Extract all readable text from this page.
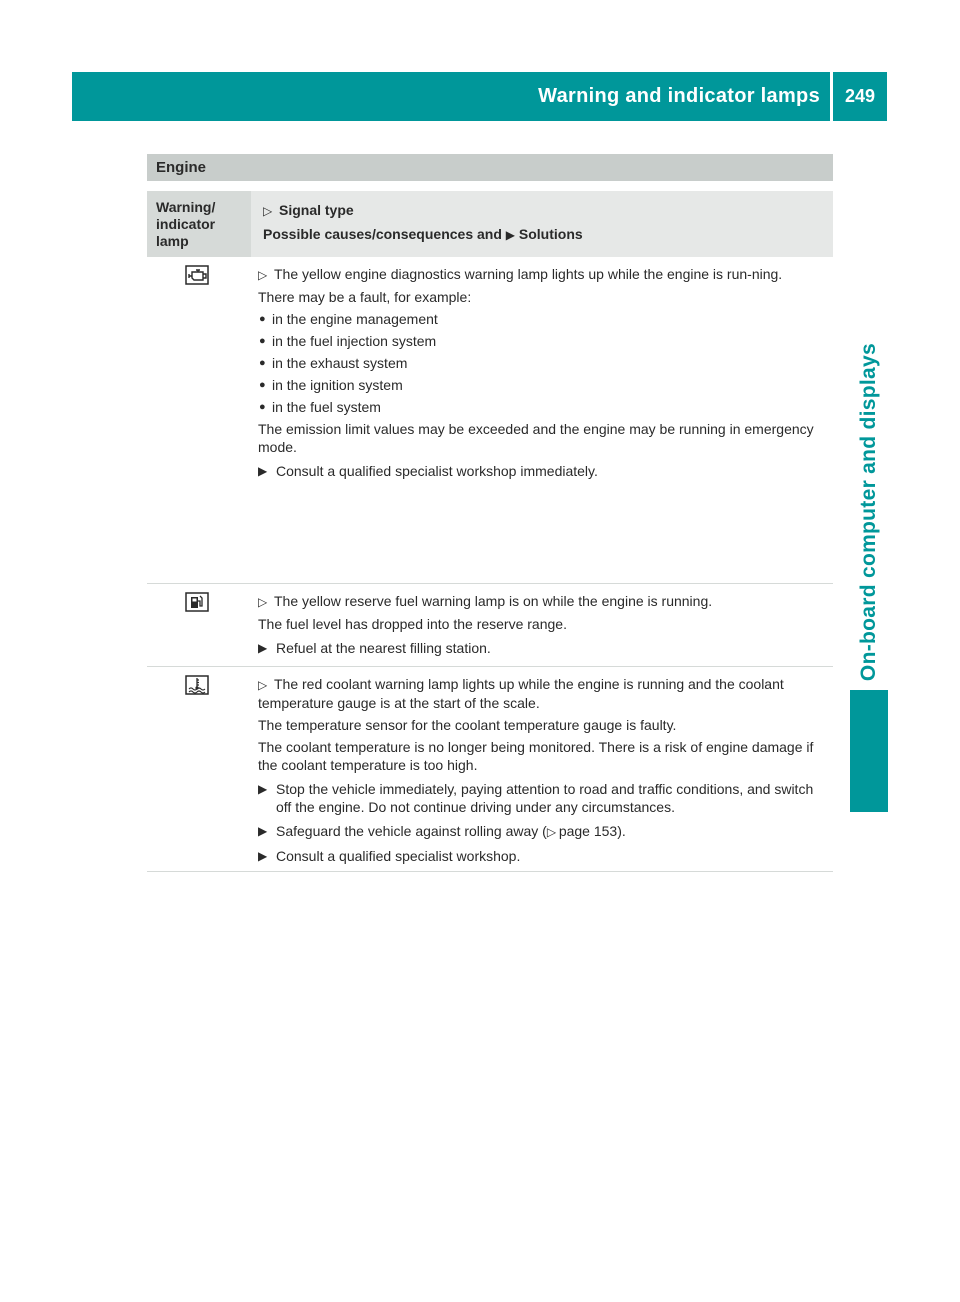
Warning and indicator lamps	249
On-board computer and displays
Engine
Warning/
indicator
lamp
▷ Signal type
Possible causes/consequences and ▶ Solutions

▷ The yellow engine diagnostics warning lamp lights up while the engine is run-ning.

There may be a fault, for example:

● in the engine management
● in the fuel injection system
● in the exhaust system
● in the ignition system
● in the fuel system

The emission limit values may be exceeded and the engine may be running in emergency mode.

▶ Consult a qualified specialist workshop immediately.

▷ The yellow reserve fuel warning lamp is on while the engine is running.

The fuel level has dropped into the reserve range.

▶ Refuel at the nearest filling station.

▷ The red coolant warning lamp lights up while the engine is running and the coolant temperature gauge is at the start of the scale.

The temperature sensor for the coolant temperature gauge is faulty.

The coolant temperature is no longer being monitored. There is a risk of engine damage if the coolant temperature is too high.

▶ Stop the vehicle immediately, paying attention to road and traffic conditions, and switch off the engine. Do not continue driving under any circumstances.
▶ Safeguard the vehicle against rolling away (▷ page 153).
▶ Consult a qualified specialist workshop.
